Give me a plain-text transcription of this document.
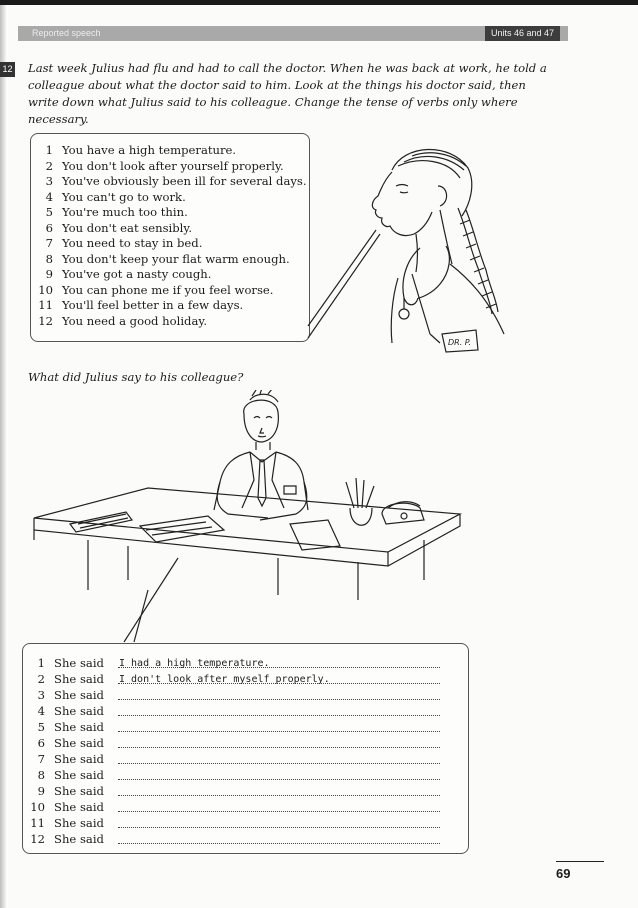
Reported speech	Units 46 and 47
12 Last week Julius had flu and had to call the doctor. When he was back at work, he told a colleague about what the doctor said to him. Look at the things his doctor said, then write down what Julius said to his colleague. Change the tense of verbs only where necessary.
1 You have a high temperature.
2 You don't look after yourself properly.
3 You've obviously been ill for several days.
4 You can't go to work.
5 You're much too thin.
6 You don't eat sensibly.
7 You need to stay in bed.
8 You don't keep your flat warm enough.
9 You've got a nasty cough.
10 You can phone me if you feel worse.
11 You'll feel better in a few days.
12 You need a good holiday.
DR. P.
What did Julius say to his colleague?
1 She said I had a high temperature.
2 She said I don't look after myself properly.
3 She said
4 She said
5 She said
6 She said
7 She said
8 She said
9 She said
10 She said
11 She said
12 She said
69
